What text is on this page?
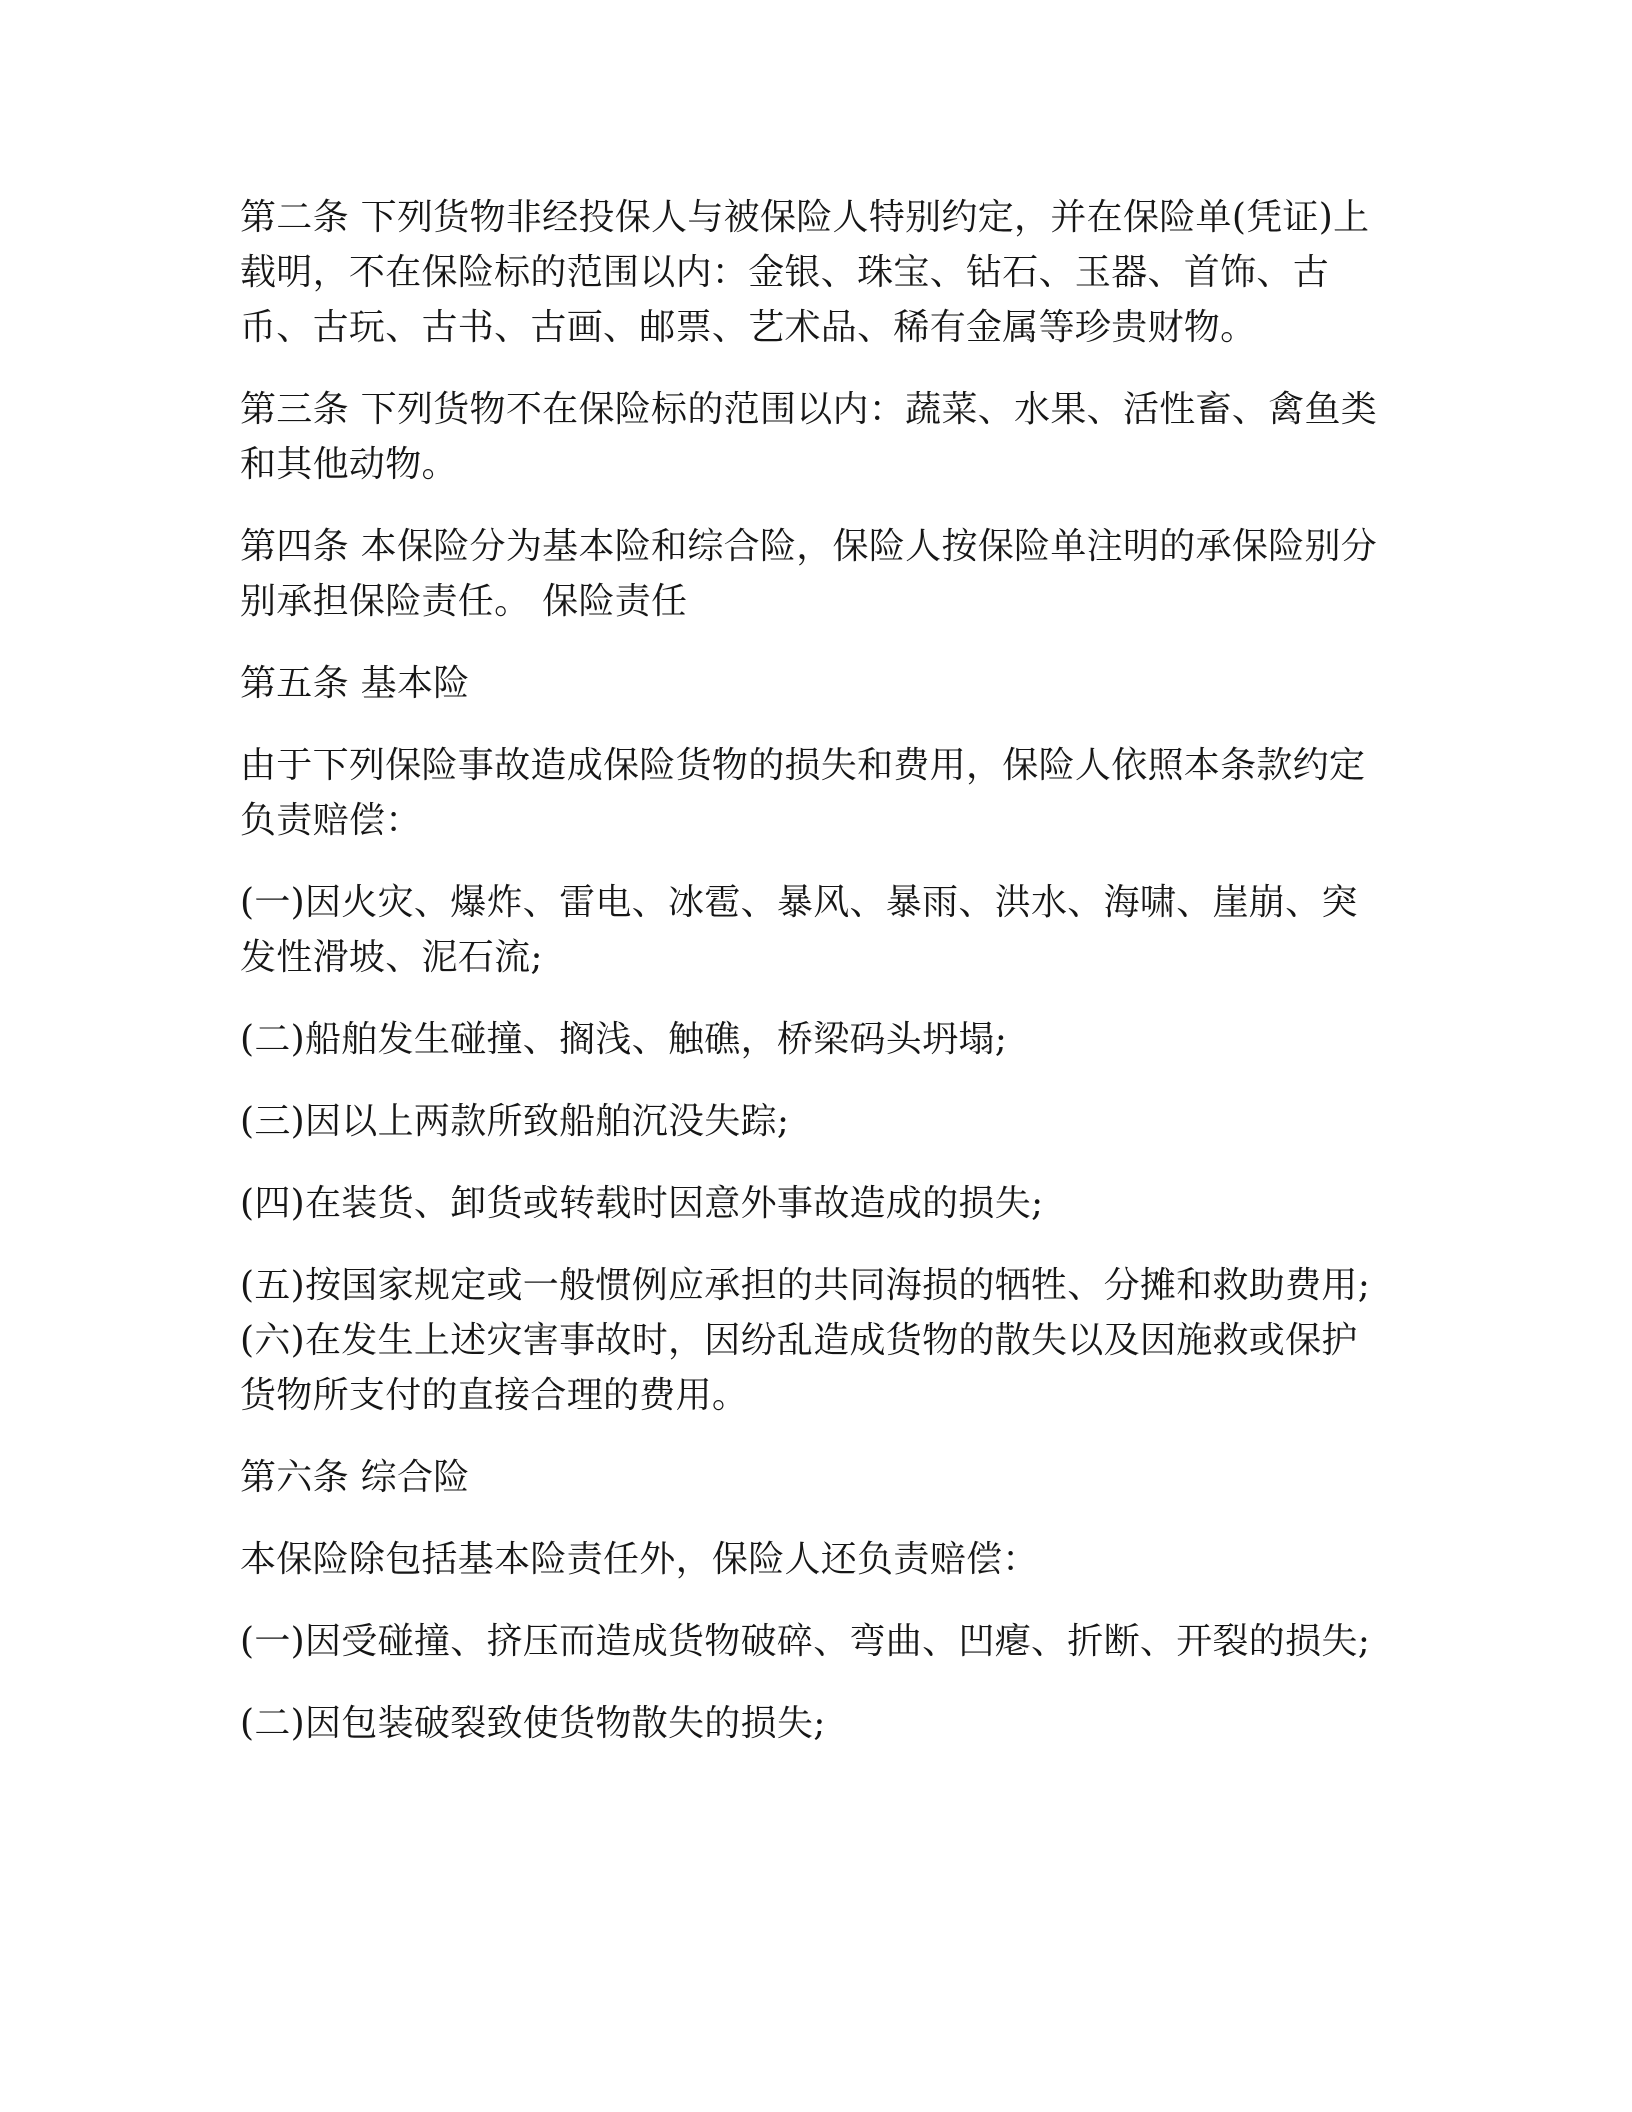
第二条 下列货物非经投保人与被保险人特别约定，并在保险单(凭证)上载明，不在保险标的范围以内：金银、珠宝、钻石、玉器、首饰、古币、古玩、古书、古画、邮票、艺术品、稀有金属等珍贵财物。

第三条 下列货物不在保险标的范围以内：蔬菜、水果、活性畜、禽鱼类和其他动物。

第四条 本保险分为基本险和综合险，保险人按保险单注明的承保险别分别承担保险责任。 保险责任

第五条 基本险

由于下列保险事故造成保险货物的损失和费用，保险人依照本条款约定负责赔偿：

(一)因火灾、爆炸、雷电、冰雹、暴风、暴雨、洪水、海啸、崖崩、突发性滑坡、泥石流;

(二)船舶发生碰撞、搁浅、触礁，桥梁码头坍塌;

(三)因以上两款所致船舶沉没失踪;

(四)在装货、卸货或转载时因意外事故造成的损失;

(五)按国家规定或一般惯例应承担的共同海损的牺牲、分摊和救助费用;(六)在发生上述灾害事故时，因纷乱造成货物的散失以及因施救或保护货物所支付的直接合理的费用。

第六条 综合险

本保险除包括基本险责任外，保险人还负责赔偿：

(一)因受碰撞、挤压而造成货物破碎、弯曲、凹瘪、折断、开裂的损失;

(二)因包装破裂致使货物散失的损失;
